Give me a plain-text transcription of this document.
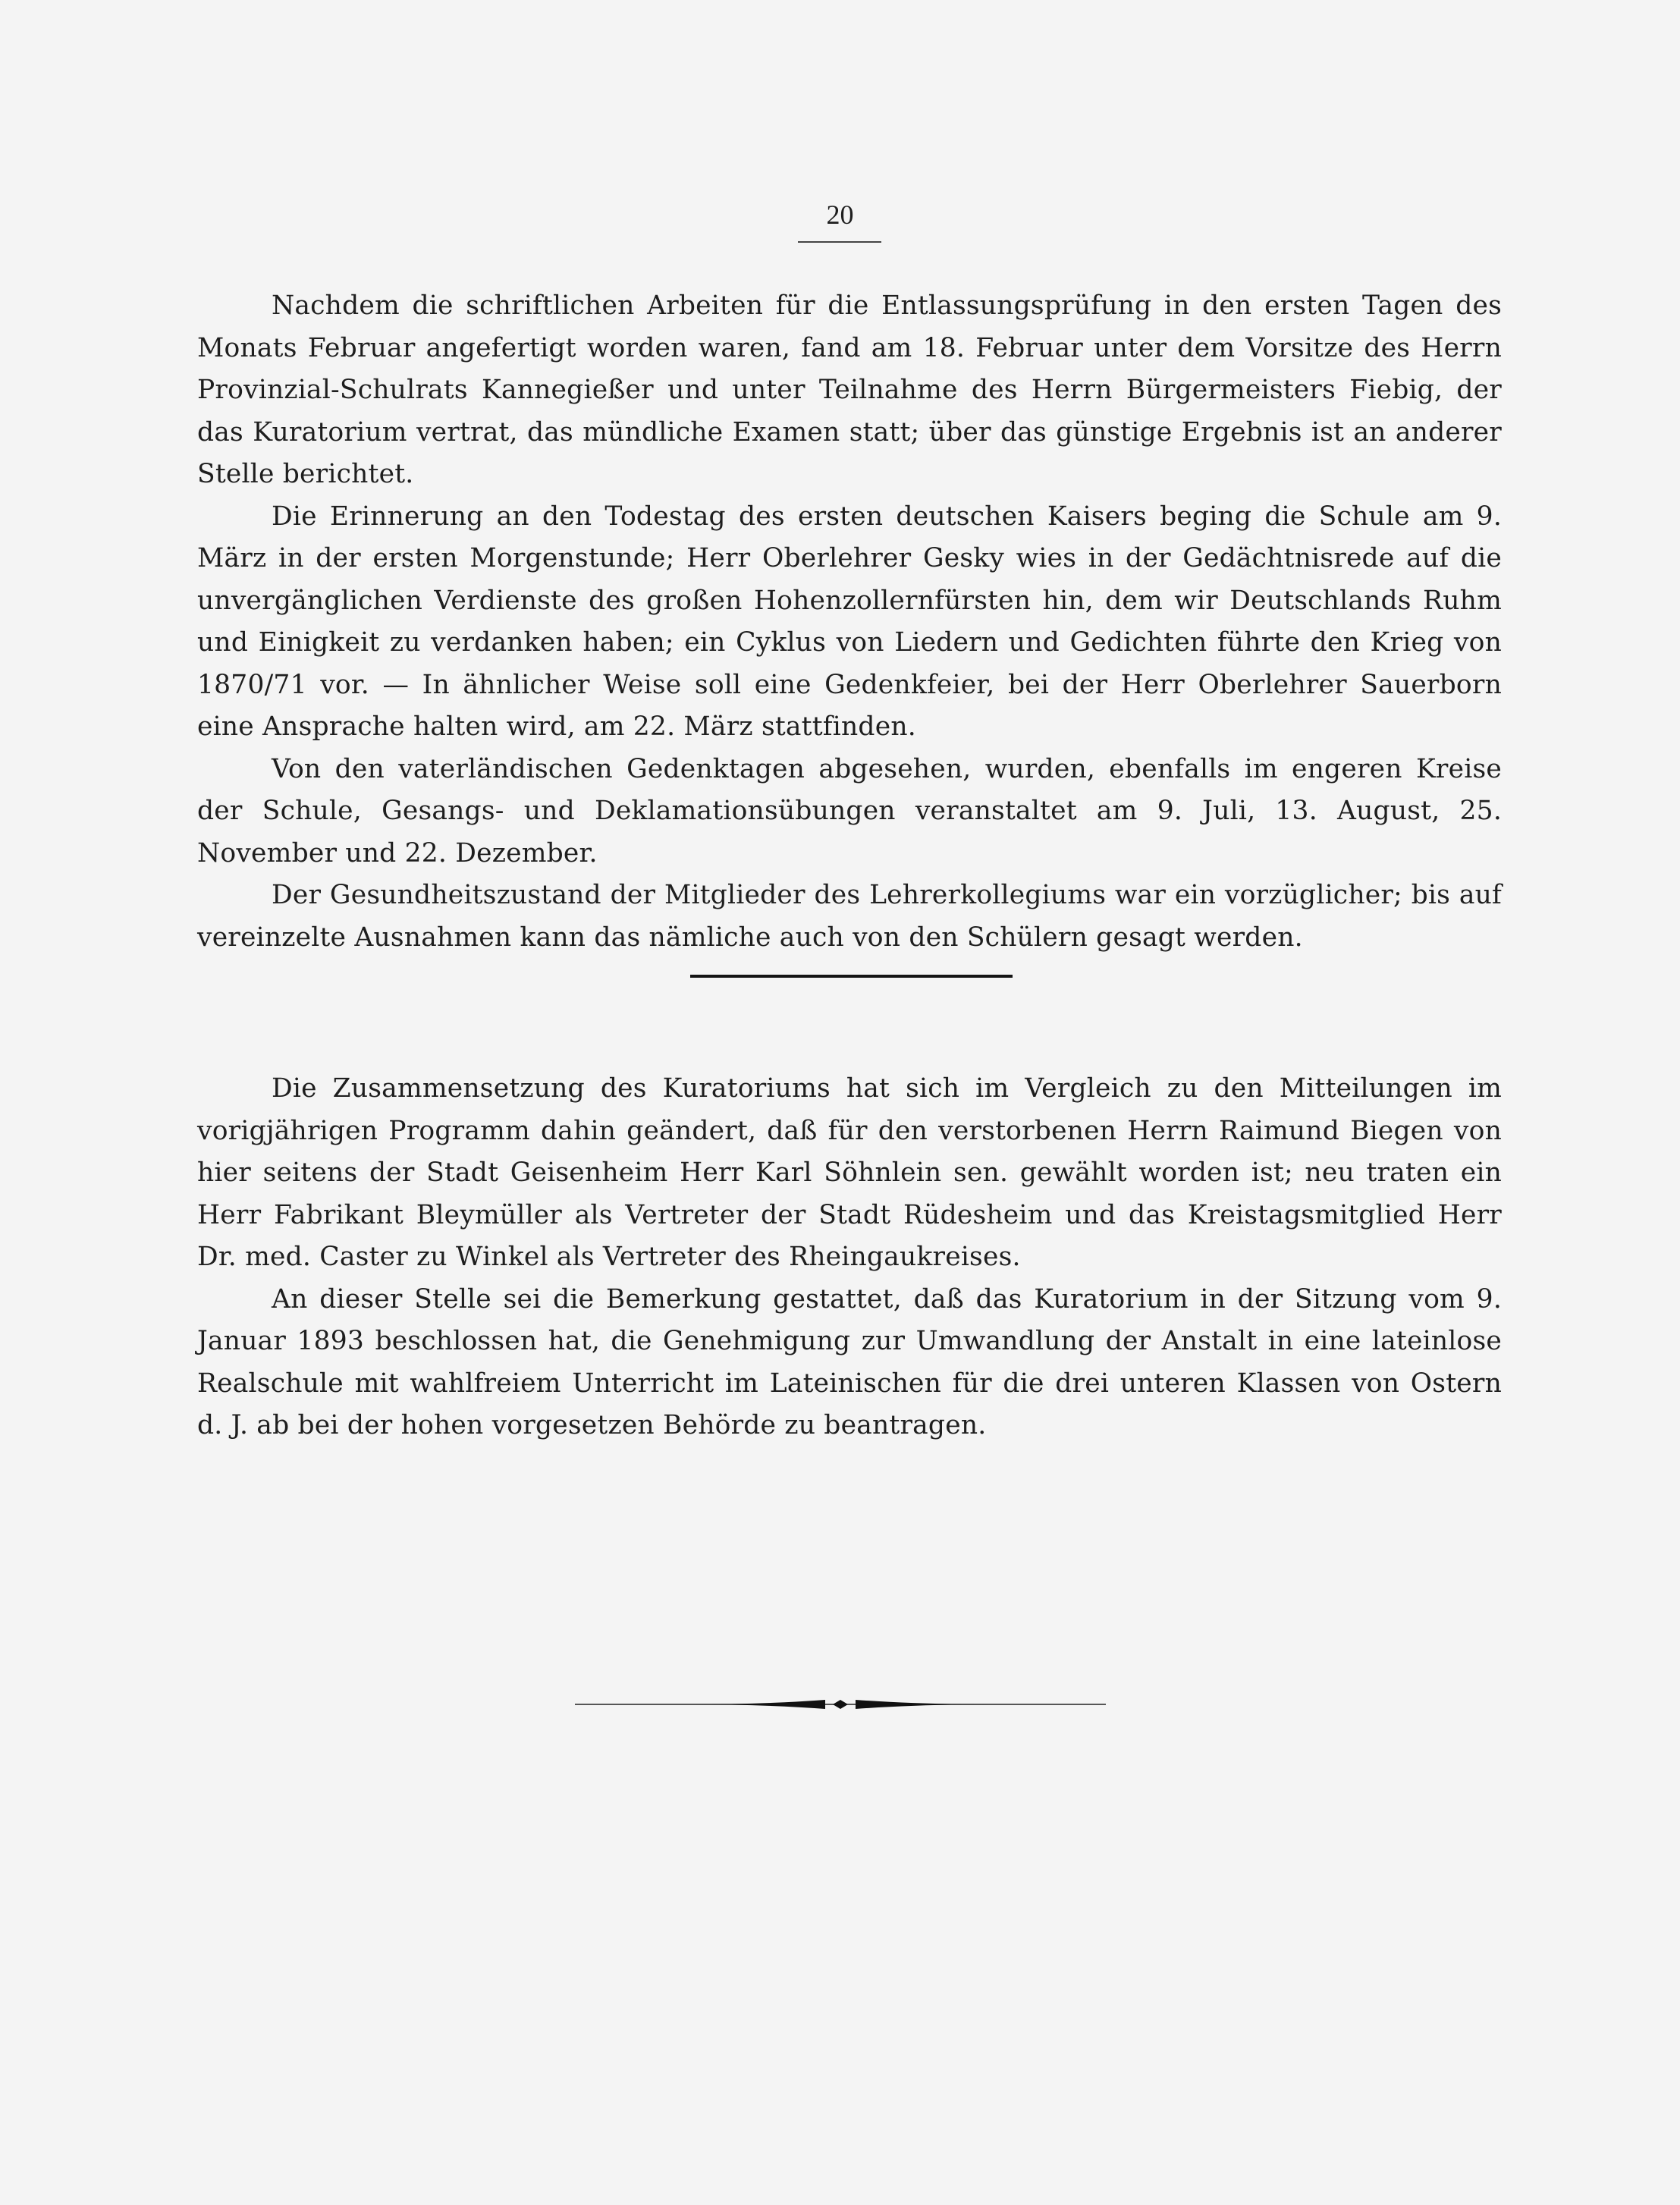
20

Nachdem die schriftlichen Arbeiten für die Entlassungsprüfung in den ersten Tagen des Monats Februar angefertigt worden waren, fand am 18. Februar unter dem Vorsitze des Herrn Provinzial-Schulrats Kannegießer und unter Teilnahme des Herrn Bürgermeisters Fiebig, der das Kuratorium vertrat, das mündliche Examen statt; über das günstige Ergebnis ist an anderer Stelle berichtet.

Die Erinnerung an den Todestag des ersten deutschen Kaisers beging die Schule am 9. März in der ersten Morgenstunde; Herr Oberlehrer Gesky wies in der Gedächtnisrede auf die unvergänglichen Verdienste des großen Hohenzollernfürsten hin, dem wir Deutschlands Ruhm und Einigkeit zu verdanken haben; ein Cyklus von Liedern und Gedichten führte den Krieg von 1870/71 vor. — In ähnlicher Weise soll eine Gedenkfeier, bei der Herr Oberlehrer Sauerborn eine Ansprache halten wird, am 22. März stattfinden.

Von den vaterländischen Gedenktagen abgesehen, wurden, ebenfalls im engeren Kreise der Schule, Gesangs- und Deklamationsübungen veranstaltet am 9. Juli, 13. August, 25. November und 22. Dezember.

Der Gesundheitszustand der Mitglieder des Lehrerkollegiums war ein vorzüglicher; bis auf vereinzelte Ausnahmen kann das nämliche auch von den Schülern gesagt werden.

Die Zusammensetzung des Kuratoriums hat sich im Vergleich zu den Mitteilungen im vorigjährigen Programm dahin geändert, daß für den verstorbenen Herrn Raimund Biegen von hier seitens der Stadt Geisenheim Herr Karl Söhnlein sen. gewählt worden ist; neu traten ein Herr Fabrikant Bleymüller als Vertreter der Stadt Rüdesheim und das Kreistagsmitglied Herr Dr. med. Caster zu Winkel als Vertreter des Rheingaukreises.

An dieser Stelle sei die Bemerkung gestattet, daß das Kuratorium in der Sitzung vom 9. Januar 1893 beschlossen hat, die Genehmigung zur Umwandlung der Anstalt in eine lateinlose Realschule mit wahlfreiem Unterricht im Lateinischen für die drei unteren Klassen von Ostern d. J. ab bei der hohen vorgesetzen Behörde zu beantragen.
